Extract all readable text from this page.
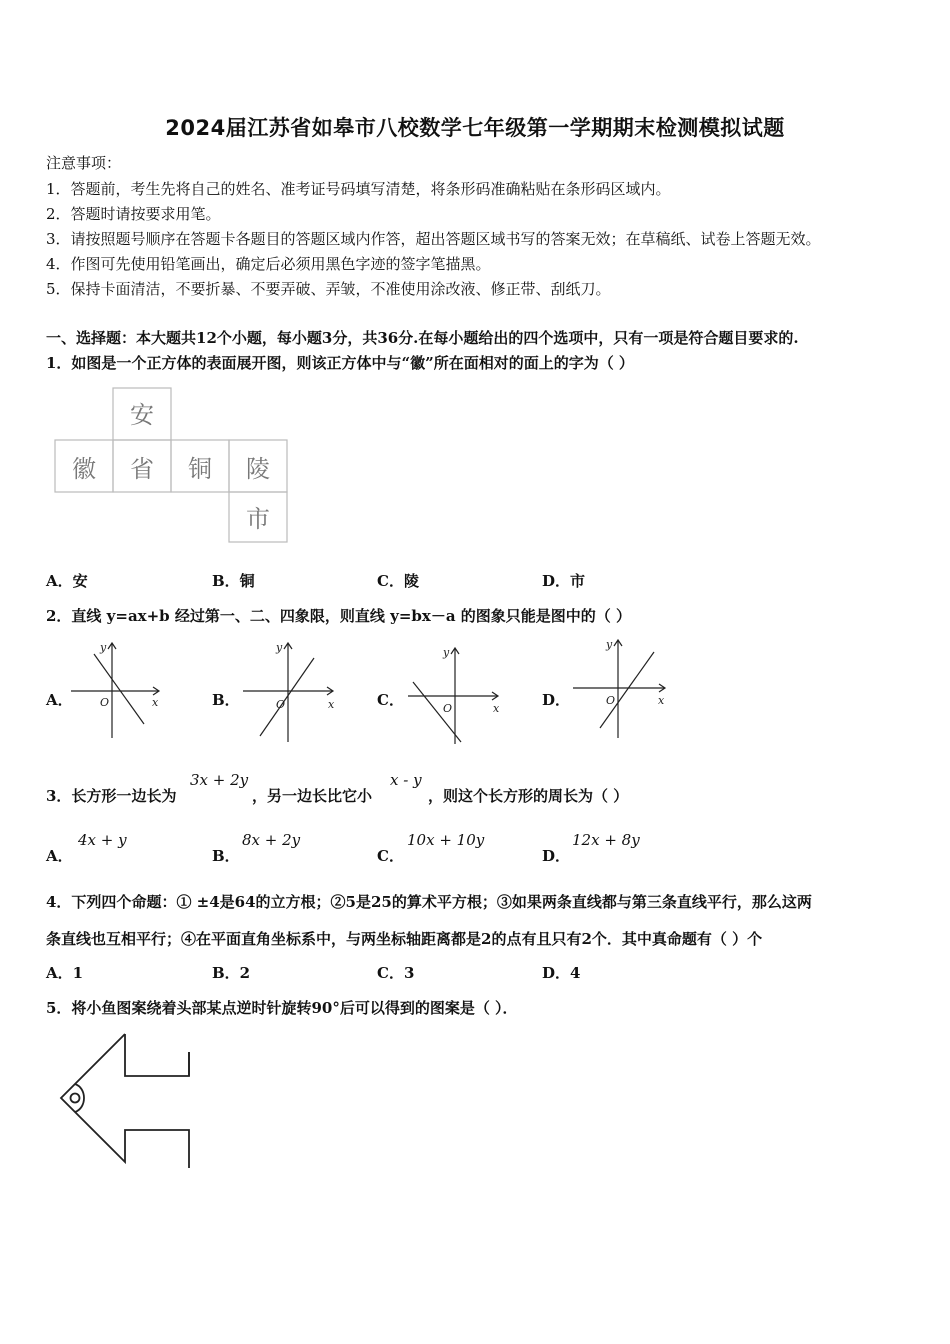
2024届江苏省如皋市八校数学七年级第一学期期末检测模拟试题
注意事项：
1．答题前，考生先将自己的姓名、准考证号码填写清楚，将条形码准确粘贴在条形码区域内。
2．答题时请按要求用笔。
3．请按照题号顺序在答题卡各题目的答题区域内作答，超出答题区域书写的答案无效；在草稿纸、试卷上答题无效。
4．作图可先使用铅笔画出，确定后必须用黑色字迹的签字笔描黑。
5．保持卡面清洁，不要折暴、不要弄破、弄皱，不准使用涂改液、修正带、刮纸刀。
一、选择题：本大题共12个小题，每小题3分，共36分.在每小题给出的四个选项中，只有一项是符合题目要求的.
1．如图是一个正方体的表面展开图，则该正方体中与“徽”所在面相对的面上的字为（ ）
安
徽 省 铜 陵
市
A．安	B．铜	C．陵	D．市
2．直线 y=ax+b 经过第一、二、四象限，则直线 y=bx－a 的图象只能是图中的（ ）
A．
y
x
O	B．
y
x
O	C．
y
x
O	D．
y
x
O
3．长方形一边长为
3x + 2y
，另一边长比它小
x - y
，则这个长方形的周长为（ ）
A．
4x + y
B．
8x + 2y
C．
10x + 10y
D．
12x + 8y
4．下列四个命题：① ±4是64的立方根；②5是25的算术平方根；③如果两条直线都与第三条直线平行，那么这两
条直线也互相平行；④在平面直角坐标系中，与两坐标轴距离都是2的点有且只有2个．其中真命题有（ ）个
A．1	B．2	C．3	D．4
5．将小鱼图案绕着头部某点逆时针旋转90°后可以得到的图案是（ ）．
